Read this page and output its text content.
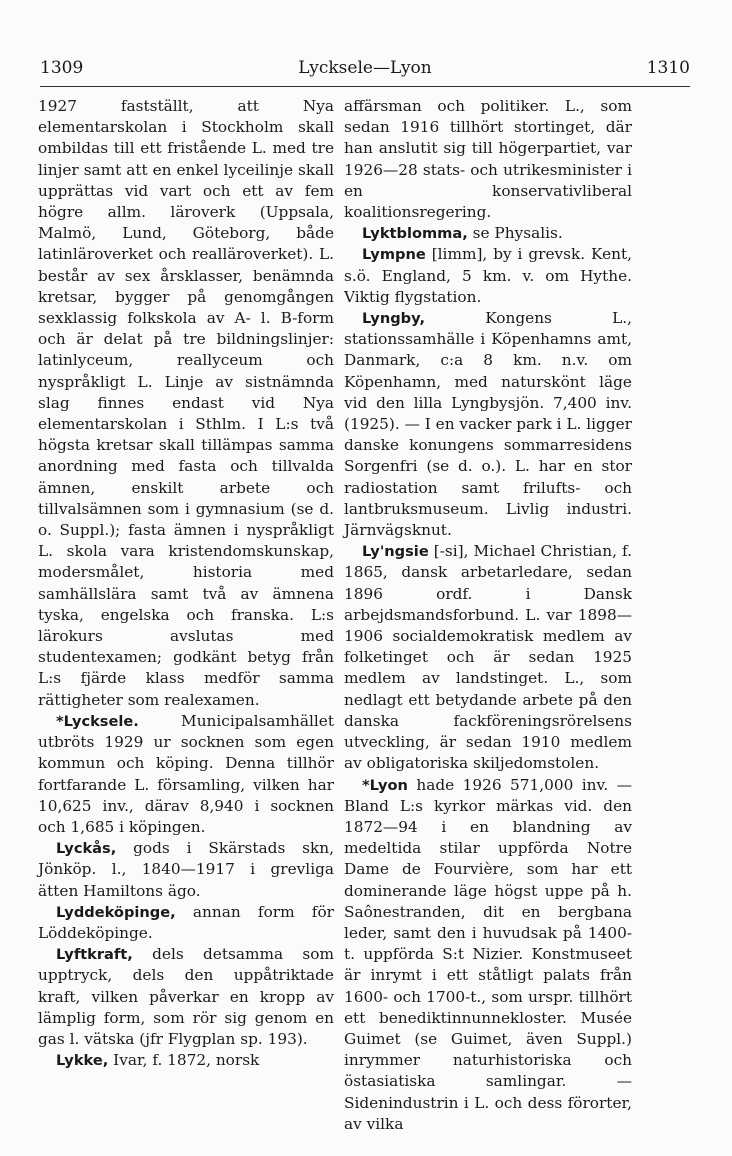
1309	Lycksele—Lyon	1310

1927 fastställt, att Nya elementarskolan i Stockholm skall ombildas till ett fristående L. med tre linjer samt att en enkel lyceilinje skall upprättas vid vart och ett av fem högre allm. läroverk (Uppsala, Malmö, Lund, Göteborg, både latinläroverket och realläroverket). L. består av sex årsklasser, benämnda kretsar, bygger på genomgången sexklassig folkskola av A- l. B-form och är delat på tre bildningslinjer: latinlyceum, reallyceum och nyspråkligt L. Linje av sistnämnda slag finnes endast vid Nya elementarskolan i Sthlm. I L:s två högsta kretsar skall tillämpas samma anordning med fasta och tillvalda ämnen, enskilt arbete och tillvalsämnen som i gymnasium (se d. o. Suppl.); fasta ämnen i nyspråkligt L. skola vara kristendomskunskap, modersmålet, historia med samhällslära samt två av ämnena tyska, engelska och franska. L:s lärokurs avslutas med studentexamen; godkänt betyg från L:s fjärde klass medför samma rättigheter som realexamen.

*Lycksele.	Municipalsamhället utbröts 1929 ur socknen som egen kommun och köping. Denna tillhör fortfarande L. församling, vilken har 10,625 inv., därav 8,940 i socknen och 1,685 i köpingen.

Lyckås, gods i Skärstads skn, Jönköp. l., 1840—1917 i grevliga ätten Hamiltons ägo.

Lyddeköpinge, annan form för Löddeköpinge.

Lyftkraft, dels detsamma som upptryck, dels den uppåtriktade kraft, vilken påverkar en kropp av lämplig form, som rör sig genom en gas l. vätska (jfr Flygplan sp. 193).

Lykke, Ivar, f. 1872, norsk

affärsman och politiker. L., som sedan 1916 tillhört stortinget, där han anslutit sig till högerpartiet, var 1926—28 stats- och utrikesminister i en konservativliberal koalitionsregering.

Lyktblomma, se Physalis.

Lympne [limm], by i grevsk. Kent, s.ö. England, 5 km. v. om Hythe. Viktig flygstation.

Lyngby,	Kongens L., stationssamhälle i Köpenhamns amt, Danmark, c:a 8 km. n.v. om Köpenhamn, med naturskönt läge vid den lilla Lyngbysjön. 7,400 inv. (1925). — I en vacker park i L. ligger danske konungens sommarresidens Sorgenfri (se d. o.). L. har en stor radiostation samt frilufts- och lantbruksmuseum. Livlig industri. Järnvägsknut.

Ly'ngsie [-si], Michael Christian, f. 1865, dansk arbetarledare, sedan 1896 ordf. i Dansk arbejdsmandsforbund. L. var 1898—1906 socialdemokratisk medlem av folketinget och är sedan 1925 medlem av landstinget. L., som nedlagt ett betydande arbete på den danska fackföreningsrörelsens utveckling, är sedan 1910 medlem av obligatoriska skiljedomstolen.

*Lyon hade 1926 571,000 inv. — Bland L:s kyrkor märkas vid. den 1872—94 i en blandning av medeltida stilar uppförda Notre Dame de Fourvière, som har ett dominerande läge högst uppe på h. Saônestranden, dit en bergbana leder, samt den i huvudsak på 1400-t. uppförda S:t Nizier. Konstmuseet är inrymt i ett ståtligt palats från 1600- och 1700-t., som urspr. tillhört ett benediktinnunnekloster. Musée Guimet (se Guimet, även Suppl.) inrymmer naturhistoriska och östasiatiska samlingar. — Sidenindustrin i L. och dess förorter, av vilka
